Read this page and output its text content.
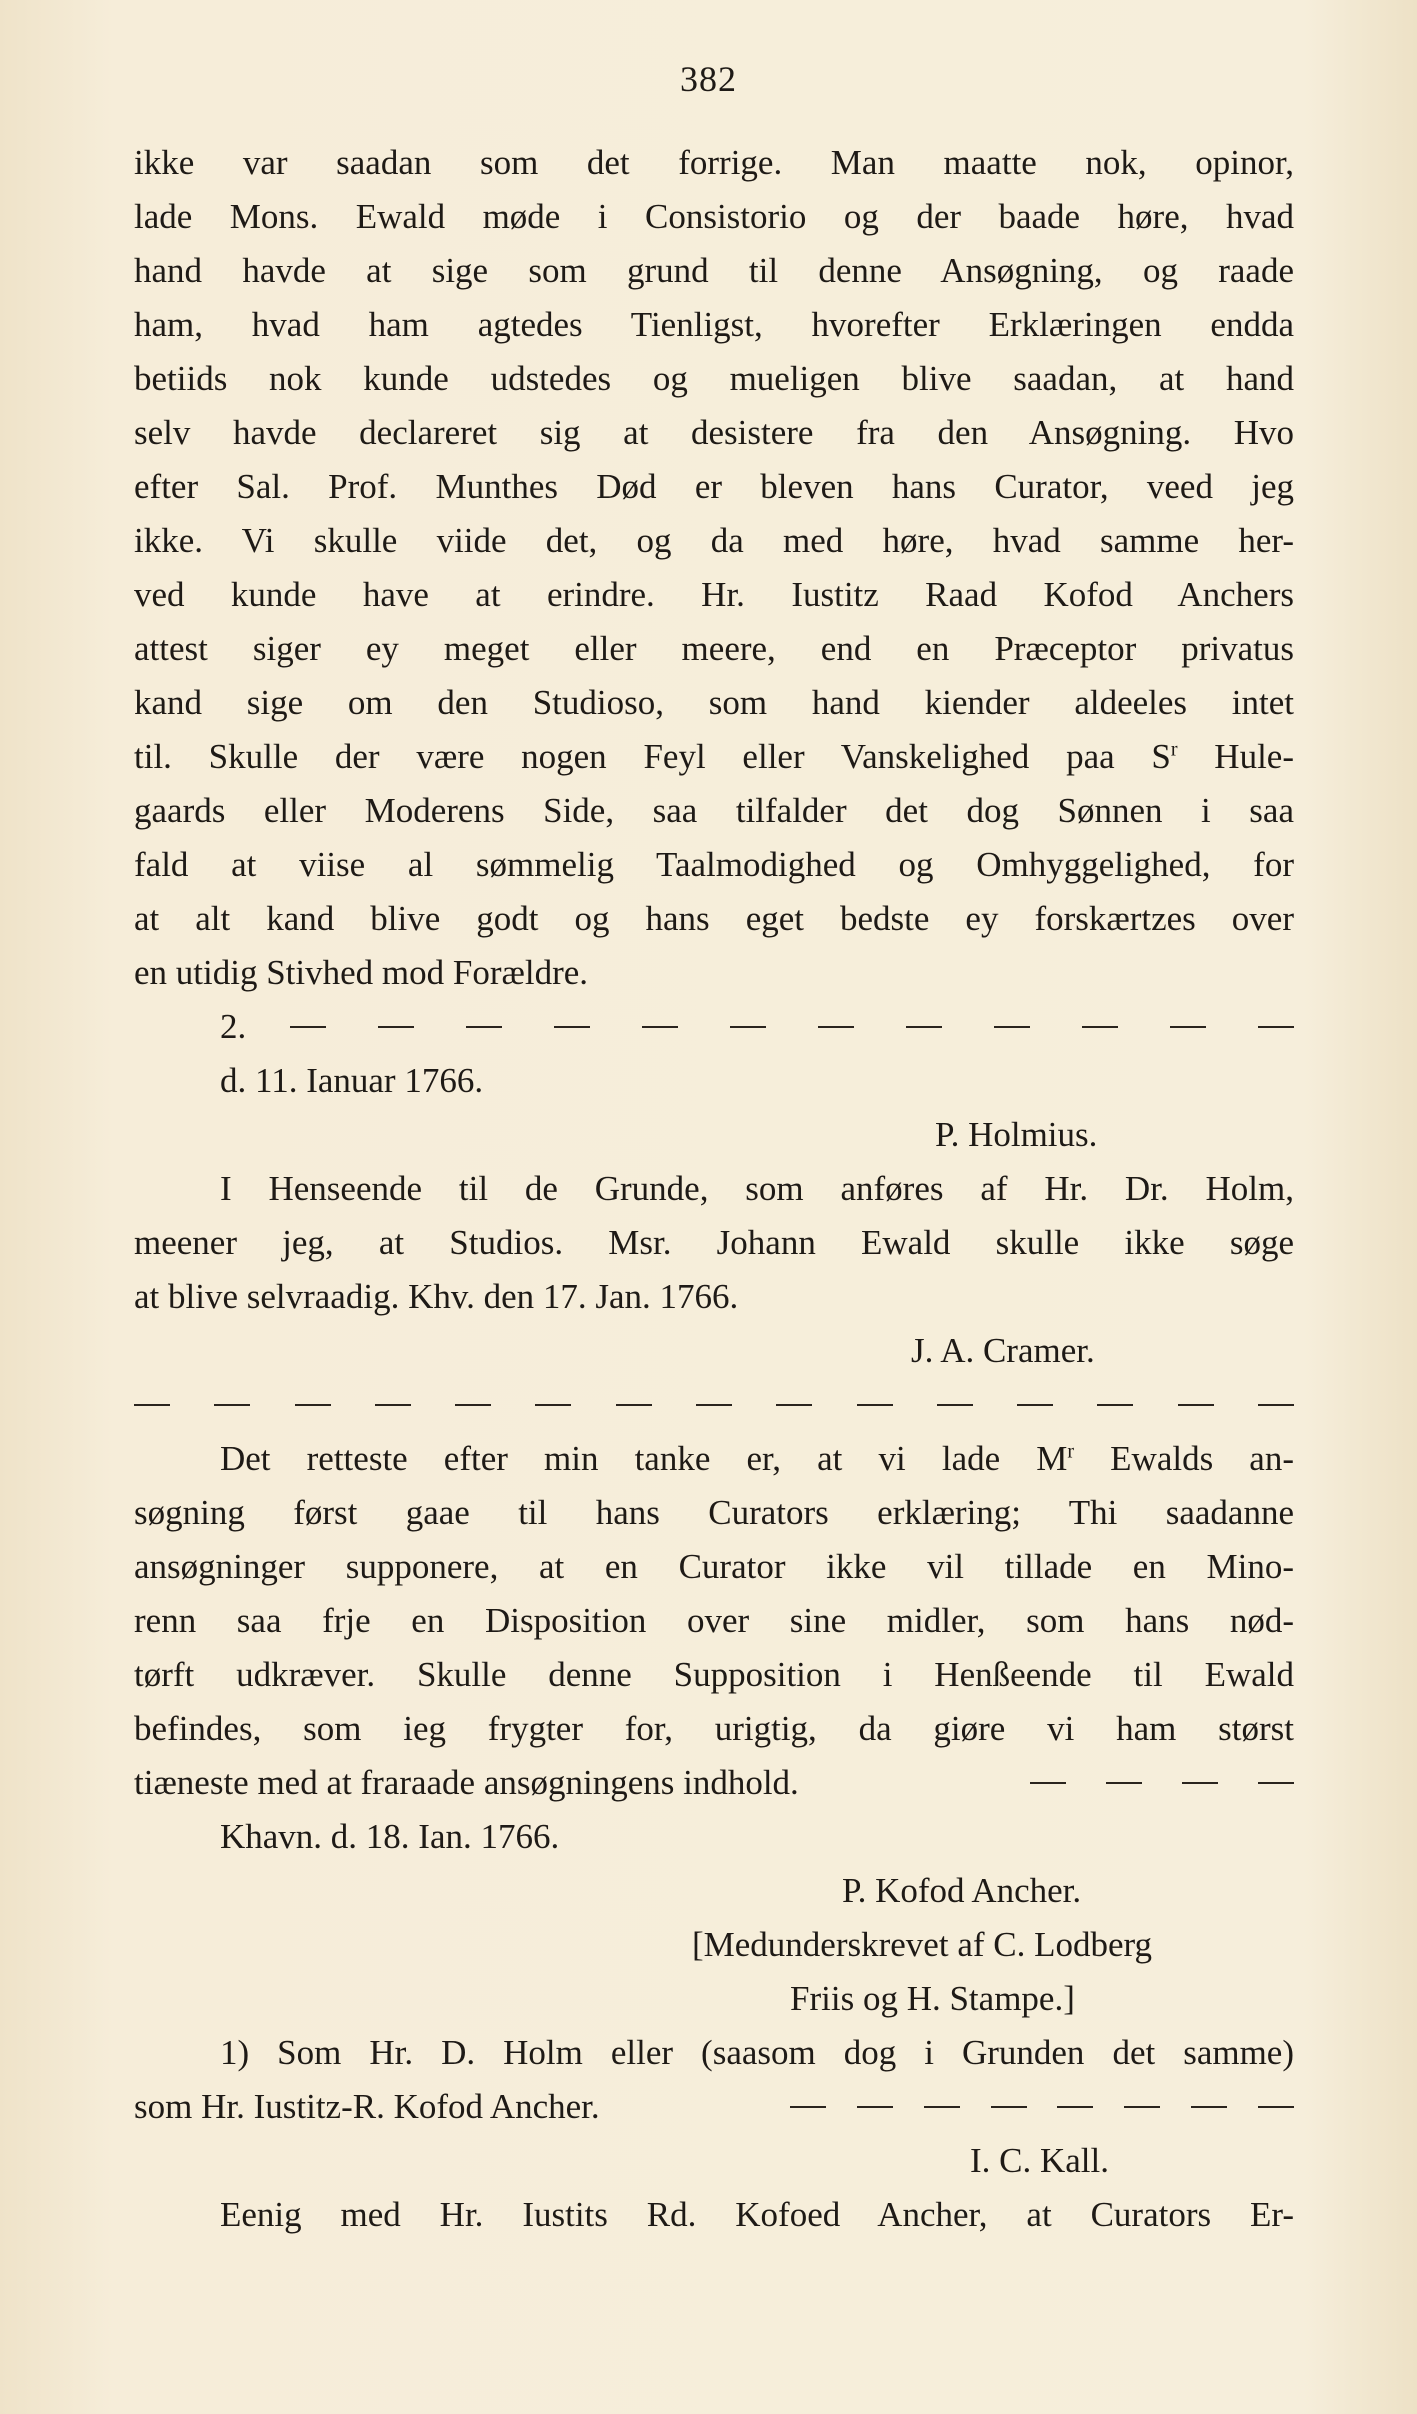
382
ikke var saadan som det forrige. Man maatte nok, opinor,
lade Mons. Ewald møde i Consistorio og der baade høre, hvad
hand havde at sige som grund til denne Ansøgning, og raade
ham, hvad ham agtedes Tienligst, hvorefter Erklæringen endda
betiids nok kunde udstedes og mueligen blive saadan, at hand
selv havde declareret sig at desistere fra den Ansøgning. Hvo
efter Sal. Prof. Munthes Død er bleven hans Curator, veed jeg
ikke. Vi skulle viide det, og da med høre, hvad samme her-
ved kunde have at erindre. Hr. Iustitz Raad Kofod Anchers
attest siger ey meget eller meere, end en Præceptor privatus
kand sige om den Studioso, som hand kiender aldeeles intet
til. Skulle der være nogen Feyl eller Vanskelighed paa $S^r$ Hule-
gaards eller Moderens Side, saa tilfalder det dog Sønnen i saa
fald at viise al sømmelig Taalmodighed og Omhyggelighed, for
at alt kand blive godt og hans eget bedste ey forskærtzes over
en utidig Stivhed mod Forældre.
2.
d. 11. Ianuar 1766.
P. Holmius.
I Henseende til de Grunde, som anføres af Hr. Dr. Holm,
meener jeg, at Studios. Msr. Johann Ewald skulle ikke søge
at blive selvraadig. Khv. den 17. Jan. 1766.
J. A. Cramer.
Det retteste efter min tanke er, at vi lade $M^r$ Ewalds an-
søgning først gaae til hans Curators erklæring; Thi saadanne
ansøgninger supponere, at en Curator ikke vil tillade en Mino-
renn saa frje en Disposition over sine midler, som hans nød-
tørft udkræver. Skulle denne Supposition i Henßeende til Ewald
befindes, som ieg frygter for, urigtig, da giøre vi ham størst
tiæneste med at fraraade ansøgningens indhold.
Khavn. d. 18. Ian. 1766.
P. Kofod Ancher.
[Medunderskrevet af C. Lodberg
Friis og H. Stampe.]
1) Som Hr. D. Holm eller (saasom dog i Grunden det samme)
som Hr. Iustitz-R. Kofod Ancher.
I. C. Kall.
Eenig med Hr. Iustits Rd. Kofoed Ancher, at Curators Er-
